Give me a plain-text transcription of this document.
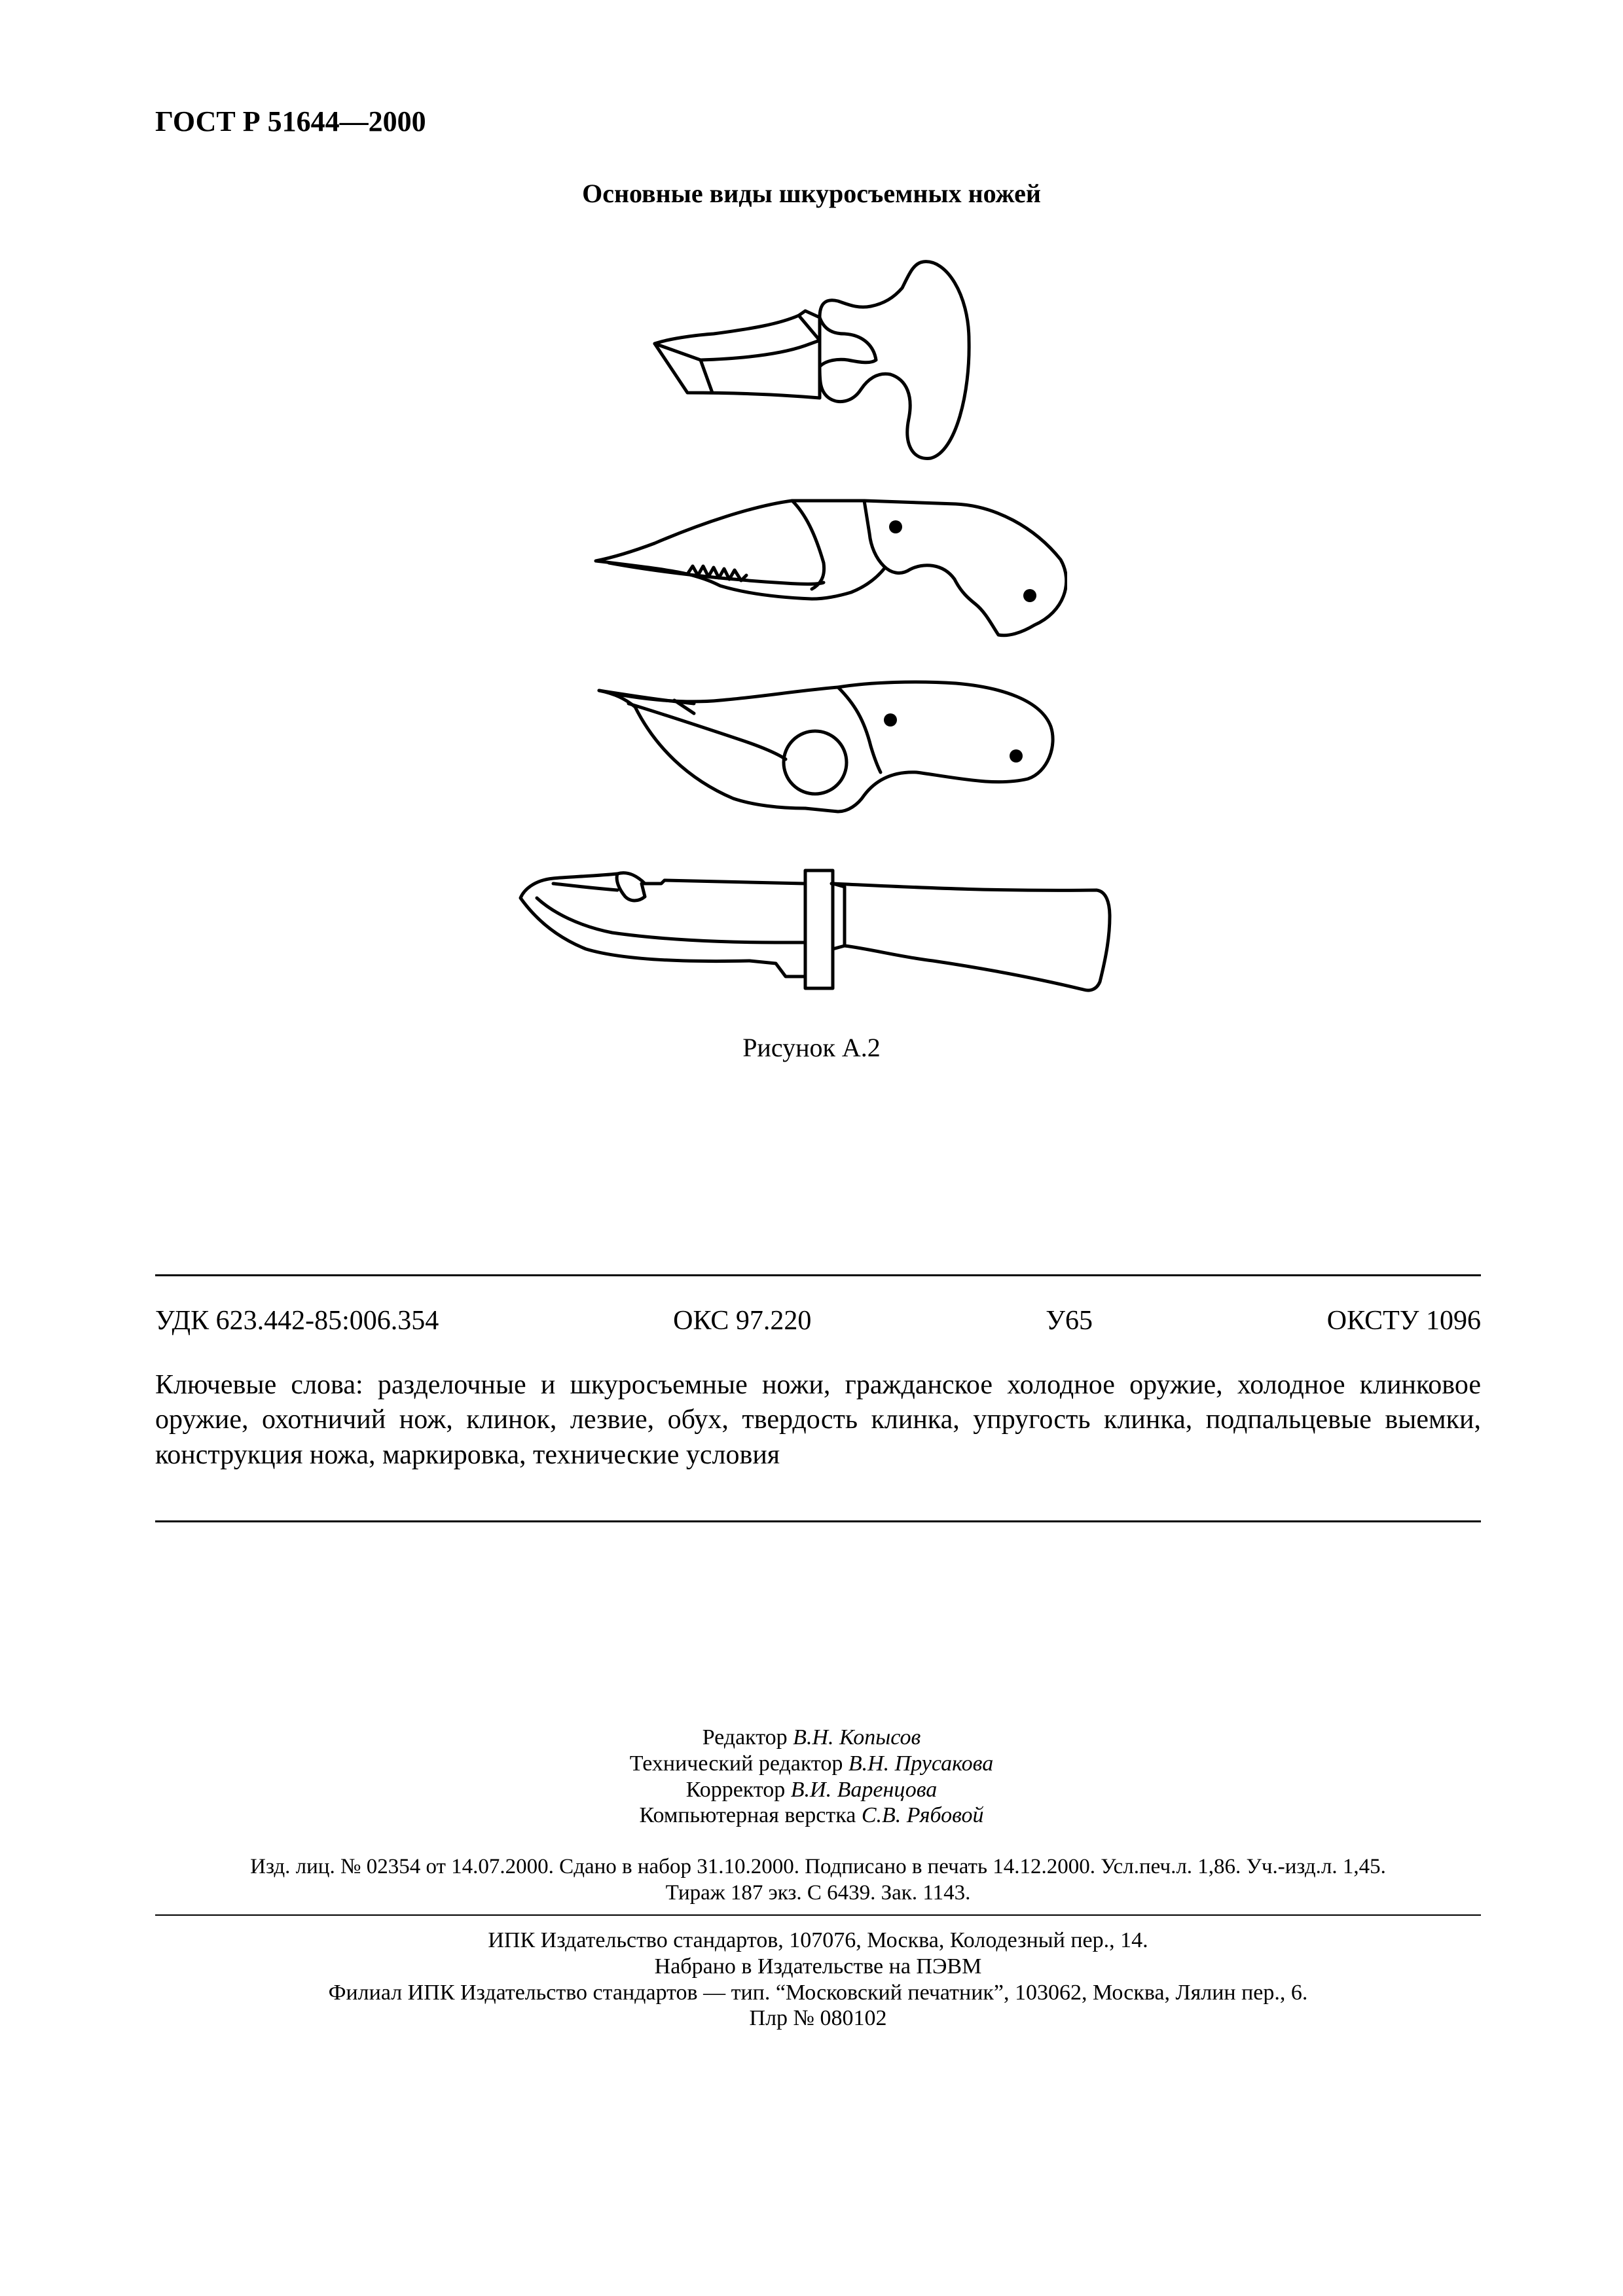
ГОСТ Р 51644—2000
Основные виды шкуросъемных ножей
Рисунок А.2
УДК 623.442-85:006.354	ОКС 97.220	У65	ОКСТУ 1096
Ключевые слова: разделочные и шкуросъемные ножи, гражданское холодное оружие, холодное клинковое оружие, охотничий нож, клинок, лезвие, обух, твердость клинка, упругость клинка, подпальцевые выемки, конструкция ножа, маркировка, технические условия
Редактор В.Н. Копысов
Технический редактор В.Н. Прусакова
Корректор В.И. Варенцова
Компьютерная верстка С.В. Рябовой
Изд. лиц. № 02354 от 14.07.2000. Сдано в набор 31.10.2000. Подписано в печать 14.12.2000. Усл.печ.л. 1,86. Уч.-изд.л. 1,45.
Тираж 187 экз. С 6439. Зак. 1143.
ИПК Издательство стандартов, 107076, Москва, Колодезный пер., 14.
Набрано в Издательстве на ПЭВМ
Филиал ИПК Издательство стандартов — тип. “Московский печатник”, 103062, Москва, Лялин пер., 6.
Плр № 080102
